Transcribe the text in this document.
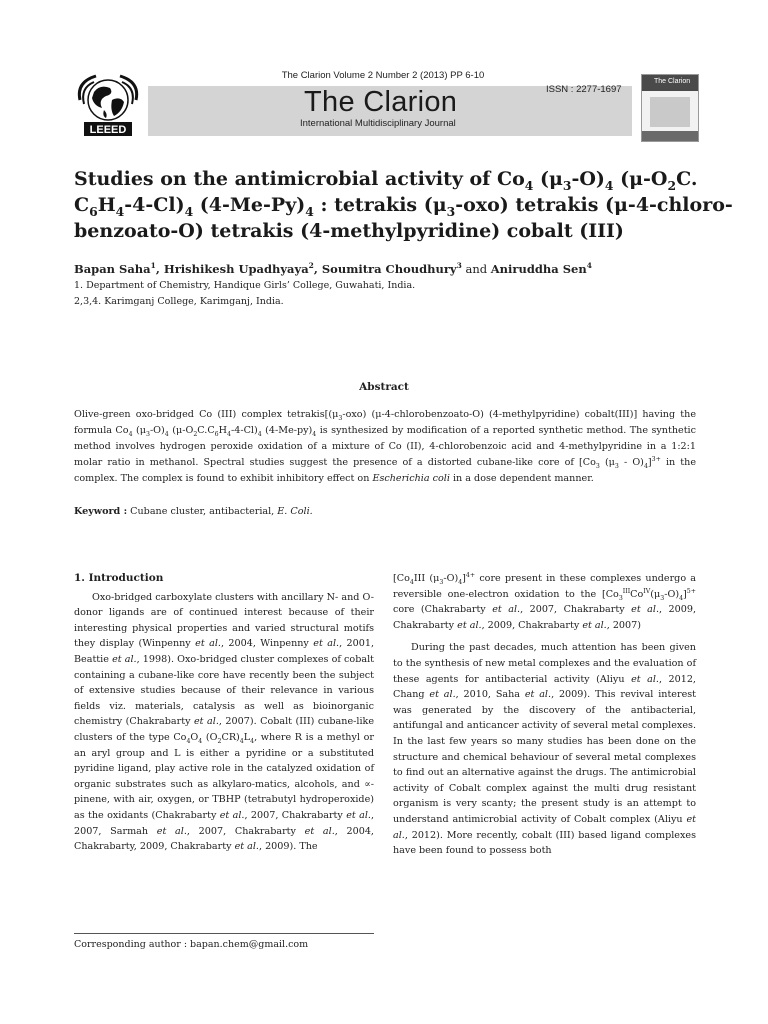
LEEED
The Clarion Volume 2 Number 2 (2013) PP 6-10
The Clarion
International Multidisciplinary Journal
ISSN : 2277-1697
The Clarion
Studies on the antimicrobial activity of $Co_4$ $(\mu_3-O)_4$ ($\mu-O_2C$.
$C_6H_4-4-Cl)_4$ $(4-Me-Py)_4$ : tetrakis $(\mu_3-oxo)$ tetrakis (μ-4-chloro-
benzoato-O) tetrakis (4-methylpyridine) cobalt (III)
Bapan Saha$^1$, Hrishikesh Upadhyaya$^2$, Soumitra Choudhury$^3$ and Aniruddha Sen$^4$
1. Department of Chemistry, Handique Girls’ College, Guwahati, India.
2,3,4. Karimganj College, Karimganj, India.
Abstract
Olive-green oxo-bridged Co (III) complex $tetrakis[(\mu_3-oxo)$ (μ-4-chlorobenzoato-O) (4-methylpyridine) cobalt(III)] having the formula $Co_4$ $(\mu_3-O)_4$ $(\mu-O_2C.C_6H_4-4-Cl)_4$ $(4-Me-py)_4$ is synthesized by modification of a reported synthetic method. The synthetic method involves hydrogen peroxide oxidation of a mixture of Co (II), 4-chlorobenzoic acid and 4-methylpyridine in a 1:2:1 molar ratio in methanol. Spectral studies suggest the presence of a distorted cubane-like core of [$Co_3$ $(\mu_3 - O)_4]^{3+}$ in the complex. The complex is found to exhibit inhibitory effect on Escherichia coli in a dose dependent manner.
Keyword : Cubane cluster, antibacterial, E. Coli.
1. Introduction

Oxo-bridged carboxylate clusters with ancillary N- and O-donor ligands are of continued interest because of their interesting physical properties and varied structural motifs they display (Winpenny et al., 2004, Winpenny et al., 2001, Beattie et al., 1998). Oxo-bridged cluster complexes of cobalt containing a cubane-like core have recently been the subject of extensive studies because of their relevance in various fields viz. materials, catalysis as well as bioinorganic chemistry (Chakrabarty et al., 2007). Cobalt (III) cubane-like clusters of the type $Co_4O_4$ $(O_2CR)_4L_4$, where R is a methyl or an aryl group and L is either a pyridine or a substituted pyridine ligand, play active role in the catalyzed oxidation of organic substrates such as alkylaro-matics, alcohols, and ∝-pinene, with air, oxygen, or TBHP (tetrabutyl hydroperoxide) as the oxidants (Chakrabarty et al., 2007, Chakrabarty et al., 2007, Sarmah et al., 2007, Chakrabarty et al., 2004, Chakrabarty, 2009, Chakrabarty et al., 2009). The

[$Co_4III$ $(\mu_3-O)_4]^{4+}$ core present in these complexes undergo a reversible one-electron oxidation to the $[Co_3^{III}Co^{IV}(\mu_3-O)_4]^{5+}$ core (Chakrabarty et al., 2007, Chakrabarty et al., 2009, Chakrabarty et al., 2009, Chakrabarty et al., 2007)

During the past decades, much attention has been given to the synthesis of new metal complexes and the evaluation of these agents for antibacterial activity (Aliyu et al., 2012, Chang et al., 2010, Saha et al., 2009). This revival interest was generated by the discovery of the antibacterial, antifungal and anticancer activity of several metal complexes. In the last few years so many studies has been done on the structure and chemical behaviour of several metal complexes to find out an alternative against the drugs. The antimicrobial activity of Cobalt complex against the multi drug resistant organism is very scanty; the present study is an attempt to understand antimicrobial activity of Cobalt complex (Aliyu et al., 2012). More recently, cobalt (III) based ligand complexes have been found to possess both

Corresponding author : bapan.chem@gmail.com
